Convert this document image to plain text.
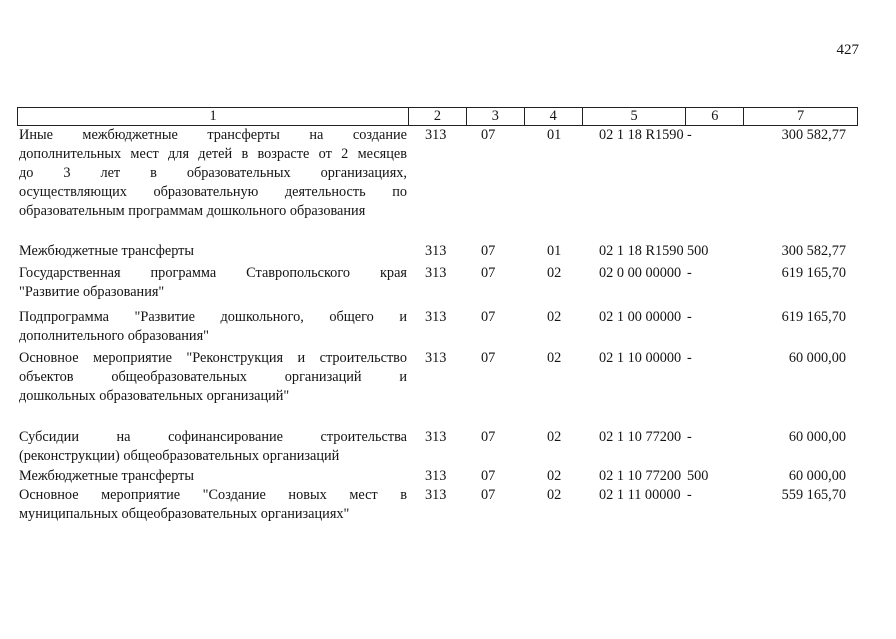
427
1	2	3	4	5	6	7
Иные межбюджетные трансферты на создание
дополнительных мест для детей в возрасте от 2 месяцев
до 3 лет в образовательных организациях,
осуществляющих образовательную деятельность по
образовательным программам дошкольного образования
313	07	01	02 1 18 R1590 -	300 582,77
Межбюджетные трансферты	313	07	01	02 1 18 R1590 500	300 582,77
Государственная программа Ставропольского края
"Развитие образования"
313	07	02	02 0 00 00000 -	619 165,70
Подпрограмма "Развитие дошкольного, общего и
дополнительного образования"
313	07	02	02 1 00 00000 -	619 165,70
Основное мероприятие "Реконструкция и строительство
объектов общеобразовательных организаций и
дошкольных образовательных организаций"
313	07	02	02 1 10 00000 -	60 000,00
Субсидии на софинансирование строительства
(реконструкции) общеобразовательных организаций
313	07	02	02 1 10 77200 -	60 000,00
Межбюджетные трансферты	313	07	02	02 1 10 77200 500	60 000,00
Основное мероприятие "Создание новых мест в
муниципальных общеобразовательных организациях"
313	07	02	02 1 11 00000 -	559 165,70
